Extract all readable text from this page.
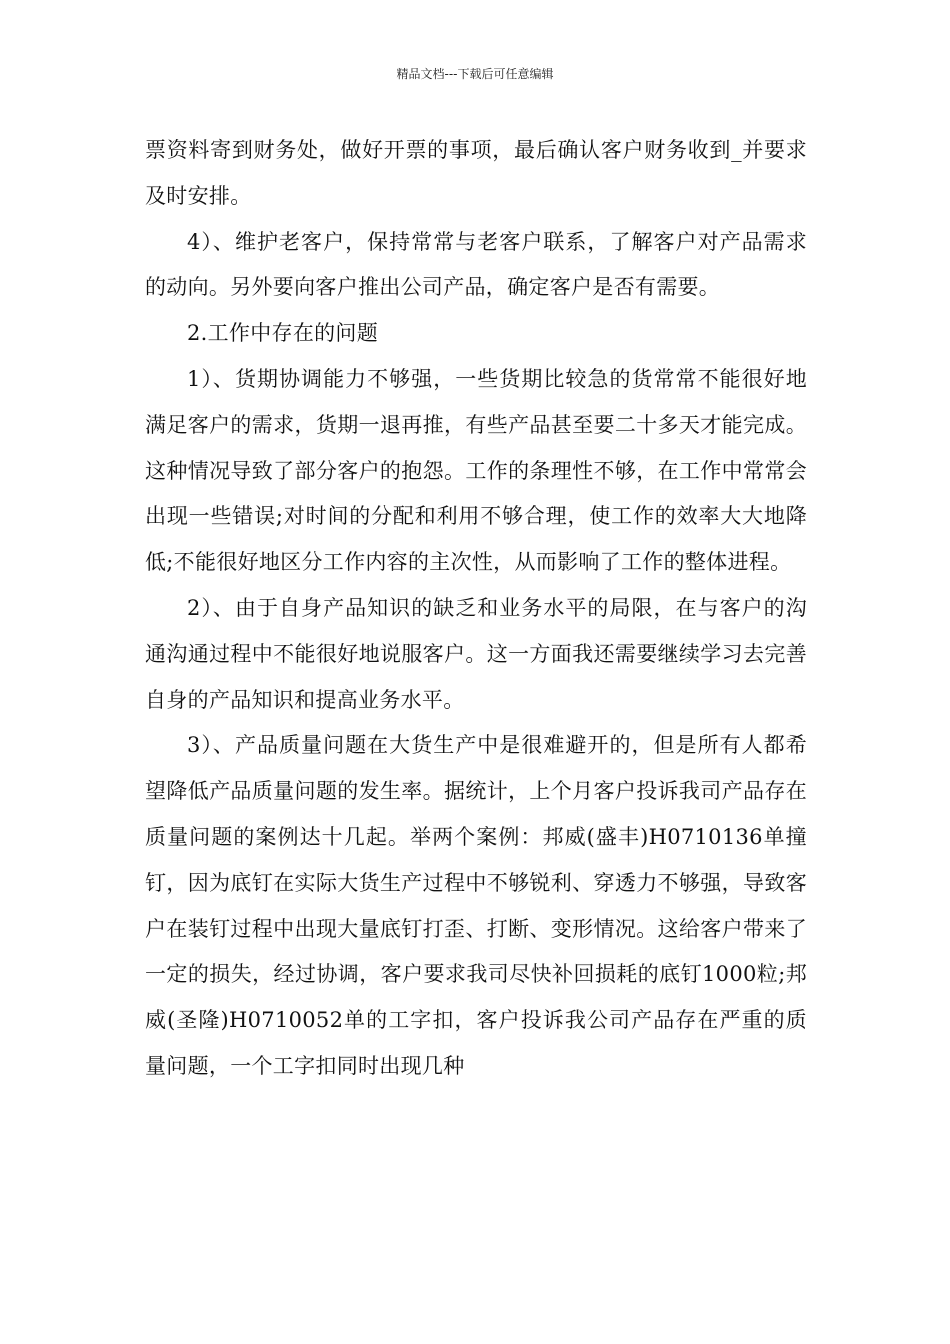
精品文档---下载后可任意编辑

票资料寄到财务处，做好开票的事项，最后确认客户财务收到_并要求及时安排。

4）、维护老客户，保持常常与老客户联系，了解客户对产品需求的动向。另外要向客户推出公司产品，确定客户是否有需要。

2.工作中存在的问题

1）、货期协调能力不够强，一些货期比较急的货常常不能很好地满足客户的需求，货期一退再推，有些产品甚至要二十多天才能完成。这种情况导致了部分客户的抱怨。工作的条理性不够，在工作中常常会出现一些错误;对时间的分配和利用不够合理，使工作的效率大大地降低;不能很好地区分工作内容的主次性，从而影响了工作的整体进程。

2）、由于自身产品知识的缺乏和业务水平的局限，在与客户的沟通沟通过程中不能很好地说服客户。这一方面我还需要继续学习去完善自身的产品知识和提高业务水平。

3）、产品质量问题在大货生产中是很难避开的，但是所有人都希望降低产品质量问题的发生率。据统计，上个月客户投诉我司产品存在质量问题的案例达十几起。举两个案例：邦威(盛丰)H0710136单撞钉，因为底钉在实际大货生产过程中不够锐利、穿透力不够强，导致客户在装钉过程中出现大量底钉打歪、打断、变形情况。这给客户带来了一定的损失，经过协调，客户要求我司尽快补回损耗的底钉1000粒;邦威(圣隆)H0710052单的工字扣，客户投诉我公司产品存在严重的质量问题，一个工字扣同时出现几种
